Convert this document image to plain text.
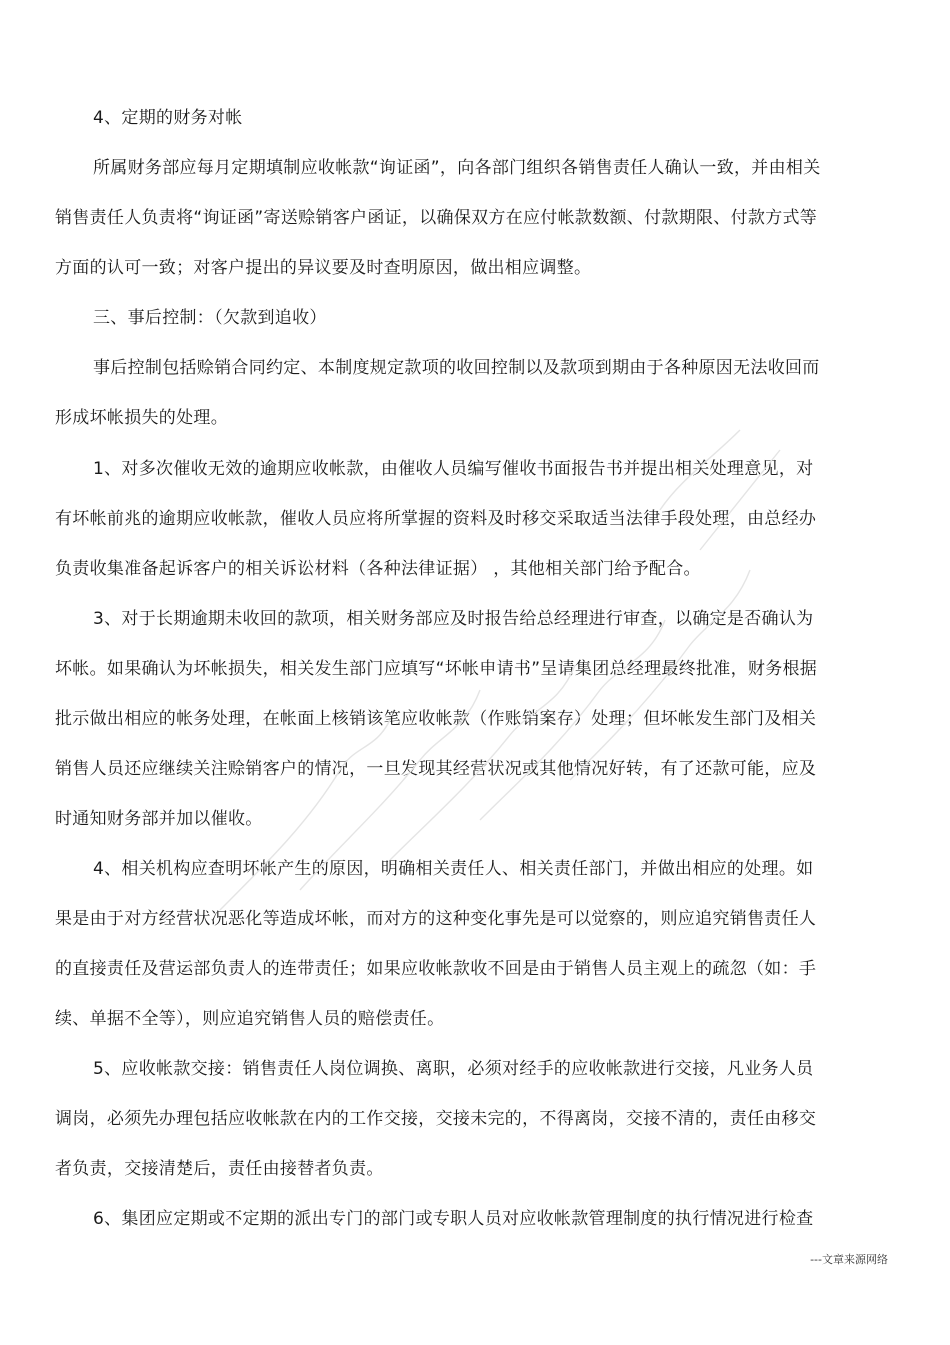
4、定期的财务对帐
所属财务部应每月定期填制应收帐款“询证函”，向各部门组织各销售责任人确认一致，并由相关
销售责任人负责将“询证函”寄送赊销客户函证，以确保双方在应付帐款数额、付款期限、付款方式等
方面的认可一致；对客户提出的异议要及时查明原因，做出相应调整。
三、事后控制：（欠款到追收）
事后控制包括赊销合同约定、本制度规定款项的收回控制以及款项到期由于各种原因无法收回而
形成坏帐损失的处理。
1、对多次催收无效的逾期应收帐款，由催收人员编写催收书面报告书并提出相关处理意见，对
有坏帐前兆的逾期应收帐款，催收人员应将所掌握的资料及时移交采取适当法律手段处理，由总经办
负责收集准备起诉客户的相关诉讼材料（各种法律证据） ，其他相关部门给予配合。
3、对于长期逾期未收回的款项，相关财务部应及时报告给总经理进行审查，以确定是否确认为
坏帐。如果确认为坏帐损失，相关发生部门应填写“坏帐申请书”呈请集团总经理最终批准，财务根据
批示做出相应的帐务处理，在帐面上核销该笔应收帐款（作账销案存）处理；但坏帐发生部门及相关
销售人员还应继续关注赊销客户的情况，一旦发现其经营状况或其他情况好转，有了还款可能，应及
时通知财务部并加以催收。
4、相关机构应查明坏帐产生的原因，明确相关责任人、相关责任部门，并做出相应的处理。如
果是由于对方经营状况恶化等造成坏帐，而对方的这种变化事先是可以觉察的，则应追究销售责任人
的直接责任及营运部负责人的连带责任；如果应收帐款收不回是由于销售人员主观上的疏忽（如：手
续、单据不全等），则应追究销售人员的赔偿责任。
5、应收帐款交接：销售责任人岗位调换、离职，必须对经手的应收帐款进行交接，凡业务人员
调岗，必须先办理包括应收帐款在内的工作交接，交接未完的，不得离岗，交接不清的，责任由移交
者负责，交接清楚后，责任由接替者负责。
6、集团应定期或不定期的派出专门的部门或专职人员对应收帐款管理制度的执行情况进行检查
---文章来源网络
